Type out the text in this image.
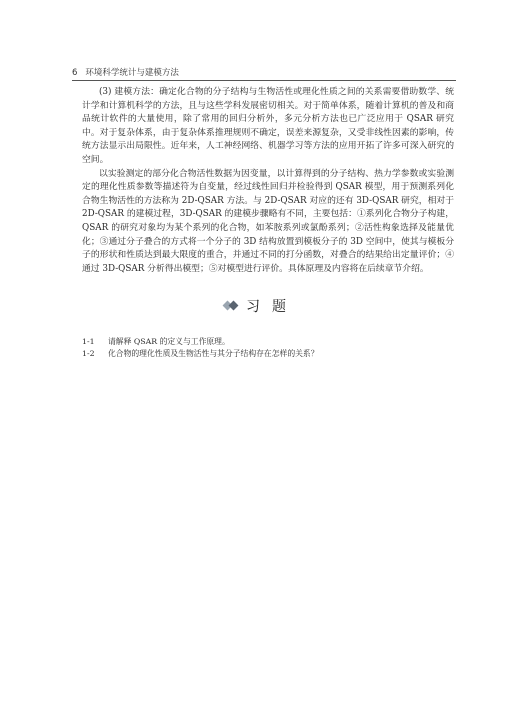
6 环境科学统计与建模方法

(3) 建模方法：确定化合物的分子结构与生物活性或理化性质之间的关系需要借助数学、统计学和计算机科学的方法，且与这些学科发展密切相关。对于简单体系，随着计算机的普及和商品统计软件的大量使用，除了常用的回归分析外，多元分析方法也已广泛应用于 QSAR 研究中。对于复杂体系，由于复杂体系推理规则不确定，误差来源复杂，又受非线性因素的影响，传统方法显示出局限性。近年来，人工神经网络、机器学习等方法的应用开拓了许多可深入研究的空间。

以实验测定的部分化合物活性数据为因变量，以计算得到的分子结构、热力学参数或实验测定的理化性质参数等描述符为自变量，经过线性回归并检验得到 QSAR 模型，用于预测系列化合物生物活性的方法称为 2D-QSAR 方法。与 2D-QSAR 对应的还有 3D-QSAR 研究，相对于 2D-QSAR 的建模过程，3D-QSAR 的建模步骤略有不同，主要包括：①系列化合物分子构建，QSAR 的研究对象均为某个系列的化合物，如苯胺系列或氯酚系列；②活性构象选择及能量优化；③通过分子叠合的方式将一个分子的 3D 结构放置到模板分子的 3D 空间中，使其与模板分子的形状和性质达到最大限度的重合，并通过不同的打分函数，对叠合的结果给出定量评价；④通过 3D-QSAR 分析得出模型；⑤对模型进行评价。具体原理及内容将在后续章节介绍。

习题
1-1	请解释 QSAR 的定义与工作原理。
1-2	化合物的理化性质及生物活性与其分子结构存在怎样的关系？
